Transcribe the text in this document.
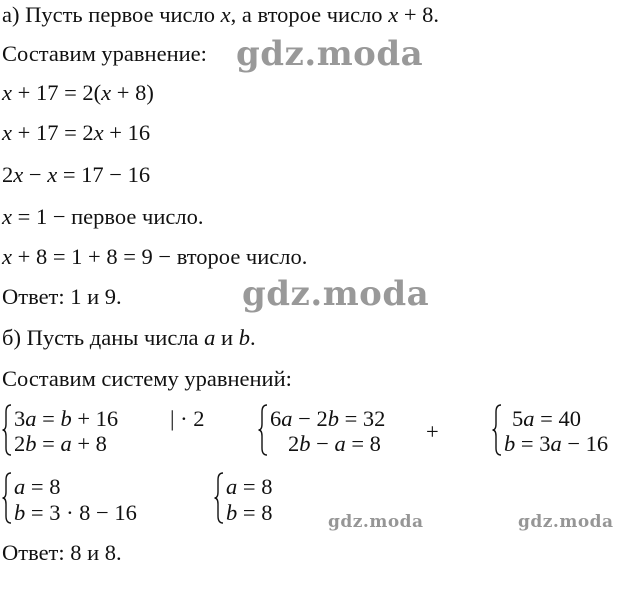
а) Пусть первое число x, а второе число x + 8.
Составим уравнение:
x + 17 = 2(x + 8)
x + 17 = 2x + 16
2x − x = 17 − 16
x = 1 − первое число.
x + 8 = 1 + 8 = 9 − второе число.
Ответ: 1 и 9.
б) Пусть даны числа a и b.
Составим систему уравнений:
3a = b + 16
2b = a + 8
| · 2	6a − 2b = 32
2b − a = 8 +
5a = 40
b = 3a − 16
a = 8
b = 3 · 8 − 16
a = 8
b = 8
Ответ: 8 и 8.
gdz.moda
gdz.moda
gdz.moda	gdz.moda
